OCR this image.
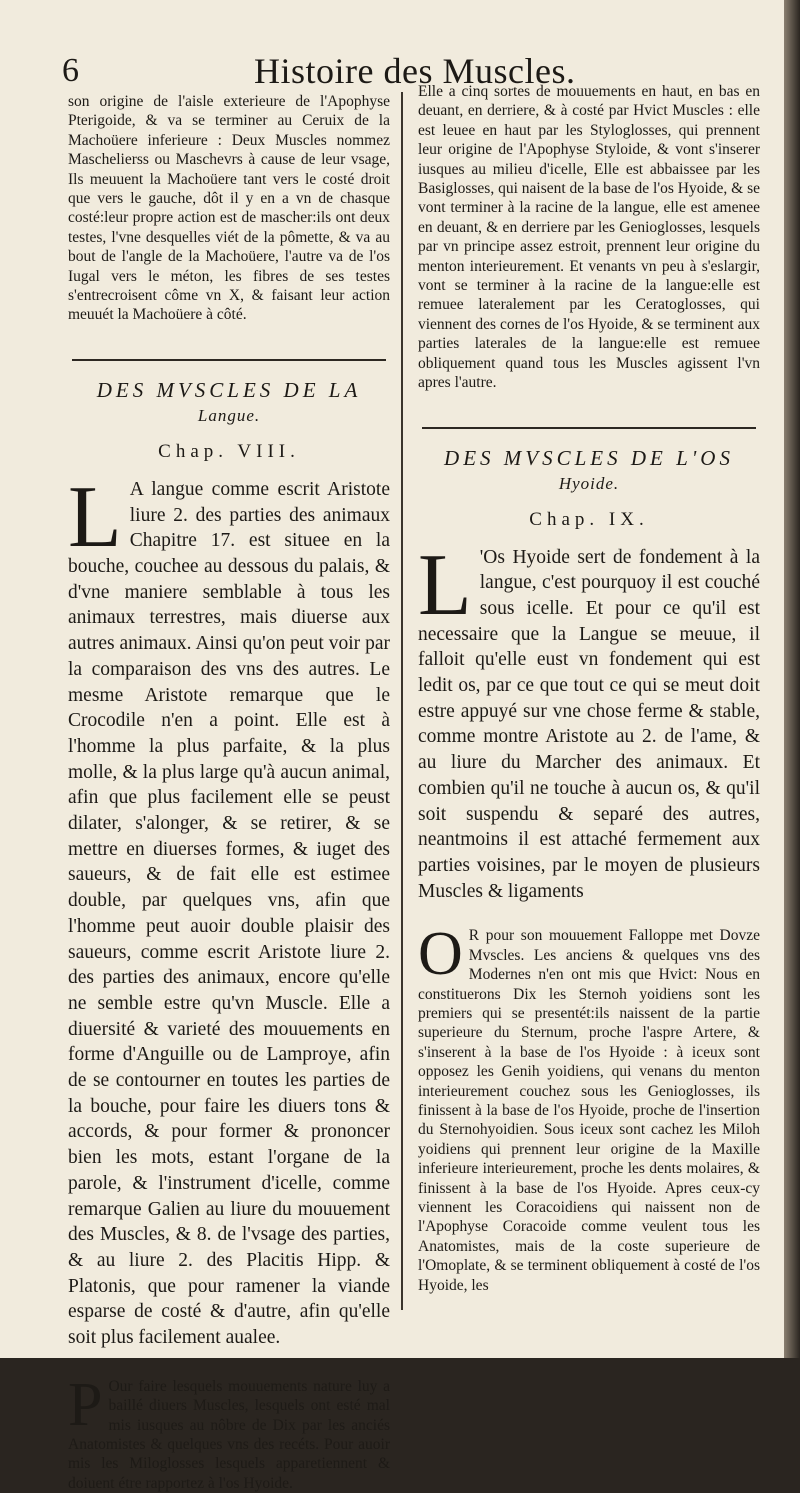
6	Histoire des Muscles.

son origine de l'aisle exterieure de l'Apophyse Pterigoide, & va se terminer au Ceruix de la Machoüere inferieure : Deux Muscles nommez Maschelierss ou Maschevrs à cause de leur vsage, Ils meuuent la Machoüere tant vers le costé droit que vers le gauche, dôt il y en a vn de chasque costé:leur propre action est de mascher:ils ont deux testes, l'vne desquelles viét de la pômette, & va au bout de l'angle de la Machoüere, l'autre va de l'os Iugal vers le méton, les fibres de ses testes s'entrecroisent côme vn X, & faisant leur action meuuét la Machoüere à côté.

DES MVSCLES DE LA
Langue.
Chap. VIII.

L A langue comme escrit Aristote liure 2. des parties des animaux Chapitre 17. est situee en la bouche, couchee au dessous du palais, & d'vne maniere semblable à tous les animaux terrestres, mais diuerse aux autres animaux. Ainsi qu'on peut voir par la comparaison des vns des autres. Le mesme Aristote remarque que le Crocodile n'en a point. Elle est à l'homme la plus parfaite, & la plus molle, & la plus large qu'à aucun animal, afin que plus facilement elle se peust dilater, s'alonger, & se retirer, & se mettre en diuerses formes, & iuget des saueurs, & de fait elle est estimee double, par quelques vns, afin que l'homme peut auoir double plaisir des saueurs, comme escrit Aristote liure 2. des parties des animaux, encore qu'elle ne semble estre qu'vn Muscle. Elle a diuersité & varieté des mouuements en forme d'Anguille ou de Lamproye, afin de se contourner en toutes les parties de la bouche, pour faire les diuers tons & accords, & pour former & prononcer bien les mots, estant l'organe de la parole, & l'instrument d'icelle, comme remarque Galien au liure du mouuement des Muscles, & 8. de l'vsage des parties, & au liure 2. des Placitis Hipp. & Platonis, que pour ramener la viande esparse de costé & d'autre, afin qu'elle soit plus facilement aualee.

P Our faire lesquels mouuements nature luy a baillé diuers Muscles, lesquels ont esté mal mis iusques au nôbre de Dix par les anciés Anatomistes & quelques vns des recéts. Pour auoir mis les Miloglosses lesquels apparetiennent & doiuent étre rapportez à l'os Hyoide.

Elle a cinq sortes de mouuements en haut, en bas en deuant, en derriere, & à costé par Hvict Muscles : elle est leuee en haut par les Styloglosses, qui prennent leur origine de l'Apophyse Styloide, & vont s'inserer iusques au milieu d'icelle, Elle est abbaissee par les Basiglosses, qui naisent de la base de l'os Hyoide, & se vont terminer à la racine de la langue, elle est amenee en deuant, & en derriere par les Genioglosses, lesquels par vn principe assez estroit, prennent leur origine du menton interieurement. Et venants vn peu à s'eslargir, vont se terminer à la racine de la langue:elle est remuee lateralement par les Ceratoglosses, qui viennent des cornes de l'os Hyoide, & se terminent aux parties laterales de la langue:elle est remuee obliquement quand tous les Muscles agissent l'vn apres l'autre.

DES MVSCLES DE L'OS
Hyoide.
Chap. IX.

L 'Os Hyoide sert de fondement à la langue, c'est pourquoy il est couché sous icelle. Et pour ce qu'il est necessaire que la Langue se meuue, il falloit qu'elle eust vn fondement qui est ledit os, par ce que tout ce qui se meut doit estre appuyé sur vne chose ferme & stable, comme montre Aristote au 2. de l'ame, & au liure du Marcher des animaux. Et combien qu'il ne touche à aucun os, & qu'il soit suspendu & separé des autres, neantmoins il est attaché fermement aux parties voisines, par le moyen de plusieurs Muscles & ligaments

O R pour son mouuement Falloppe met Dovze Mvscles. Les anciens & quelques vns des Modernes n'en ont mis que Hvict: Nous en constituerons Dix les Sternoh yoidiens sont les premiers qui se presentét:ils naissent de la partie superieure du Sternum, proche l'aspre Artere, & s'inserent à la base de l'os Hyoide : à iceux sont opposez les Genih yoidiens, qui venans du menton interieurement couchez sous les Genioglosses, ils finissent à la base de l'os Hyoide, proche de l'insertion du Sternohyoidien. Sous iceux sont cachez les Miloh yoidiens qui prennent leur origine de la Maxille inferieure interieurement, proche les dents molaires, & finissent à la base de l'os Hyoide. Apres ceux-cy viennent les Coracoidiens qui naissent non de l'Apophyse Coracoide comme veulent tous les Anatomistes, mais de la coste superieure de l'Omoplate, & se terminent obliquement à costé de l'os Hyoide, les
